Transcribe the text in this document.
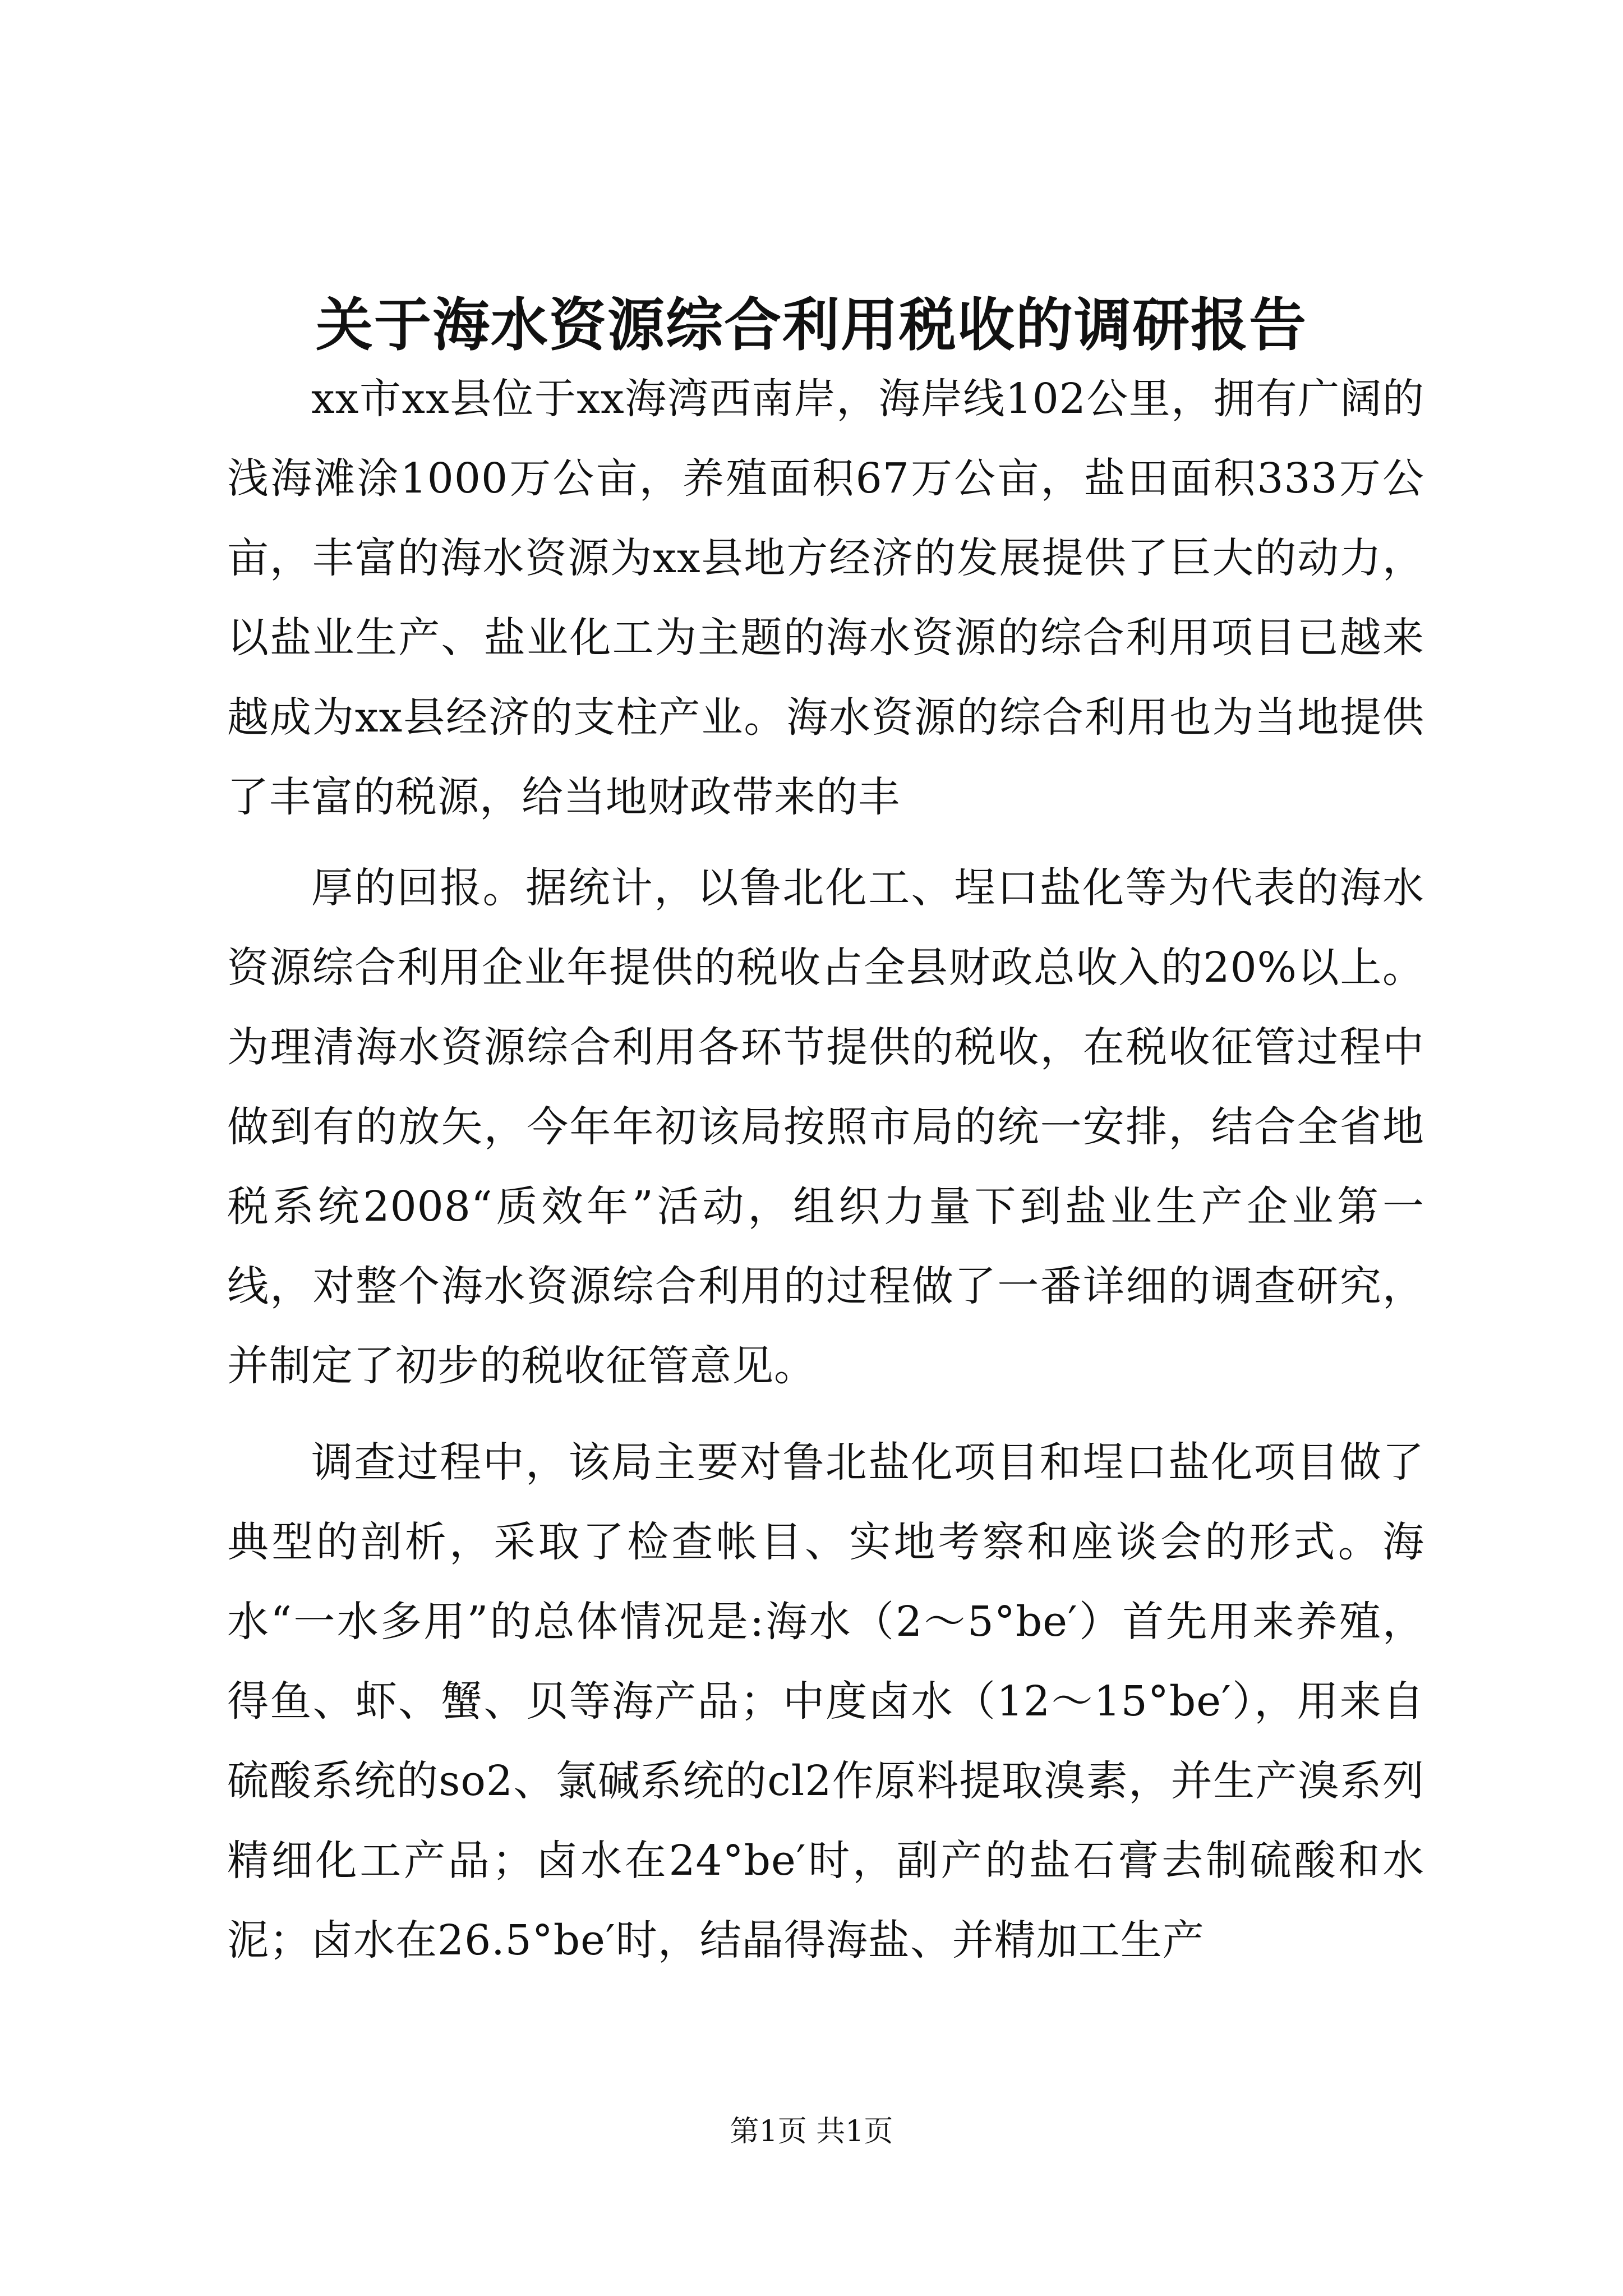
关于海水资源综合利用税收的调研报告

xx市xx县位于xx海湾西南岸，海岸线102公里，拥有广阔的浅海滩涂1000万公亩，养殖面积67万公亩，盐田面积333万公亩，丰富的海水资源为xx县地方经济的发展提供了巨大的动力，以盐业生产、盐业化工为主题的海水资源的综合利用项目已越来越成为xx县经济的支柱产业。海水资源的综合利用也为当地提供了丰富的税源，给当地财政带来的丰

厚的回报。据统计，以鲁北化工、埕口盐化等为代表的海水资源综合利用企业年提供的税收占全县财政总收入的20%以上。为理清海水资源综合利用各环节提供的税收，在税收征管过程中做到有的放矢，今年年初该局按照市局的统一安排，结合全省地税系统2008“质效年”活动，组织力量下到盐业生产企业第一线，对整个海水资源综合利用的过程做了一番详细的调查研究，并制定了初步的税收征管意见。

调查过程中，该局主要对鲁北盐化项目和埕口盐化项目做了典型的剖析，采取了检查帐目、实地考察和座谈会的形式。海水“一水多用”的总体情况是:海水（2～5°be′）首先用来养殖，得鱼、虾、蟹、贝等海产品；中度卤水（12～15°be′），用来自硫酸系统的so2、氯碱系统的cl2作原料提取溴素，并生产溴系列精细化工产品；卤水在24°be′时，副产的盐石膏去制硫酸和水泥；卤水在26.5°be′时，结晶得海盐、并精加工生产

第1页 共1页
